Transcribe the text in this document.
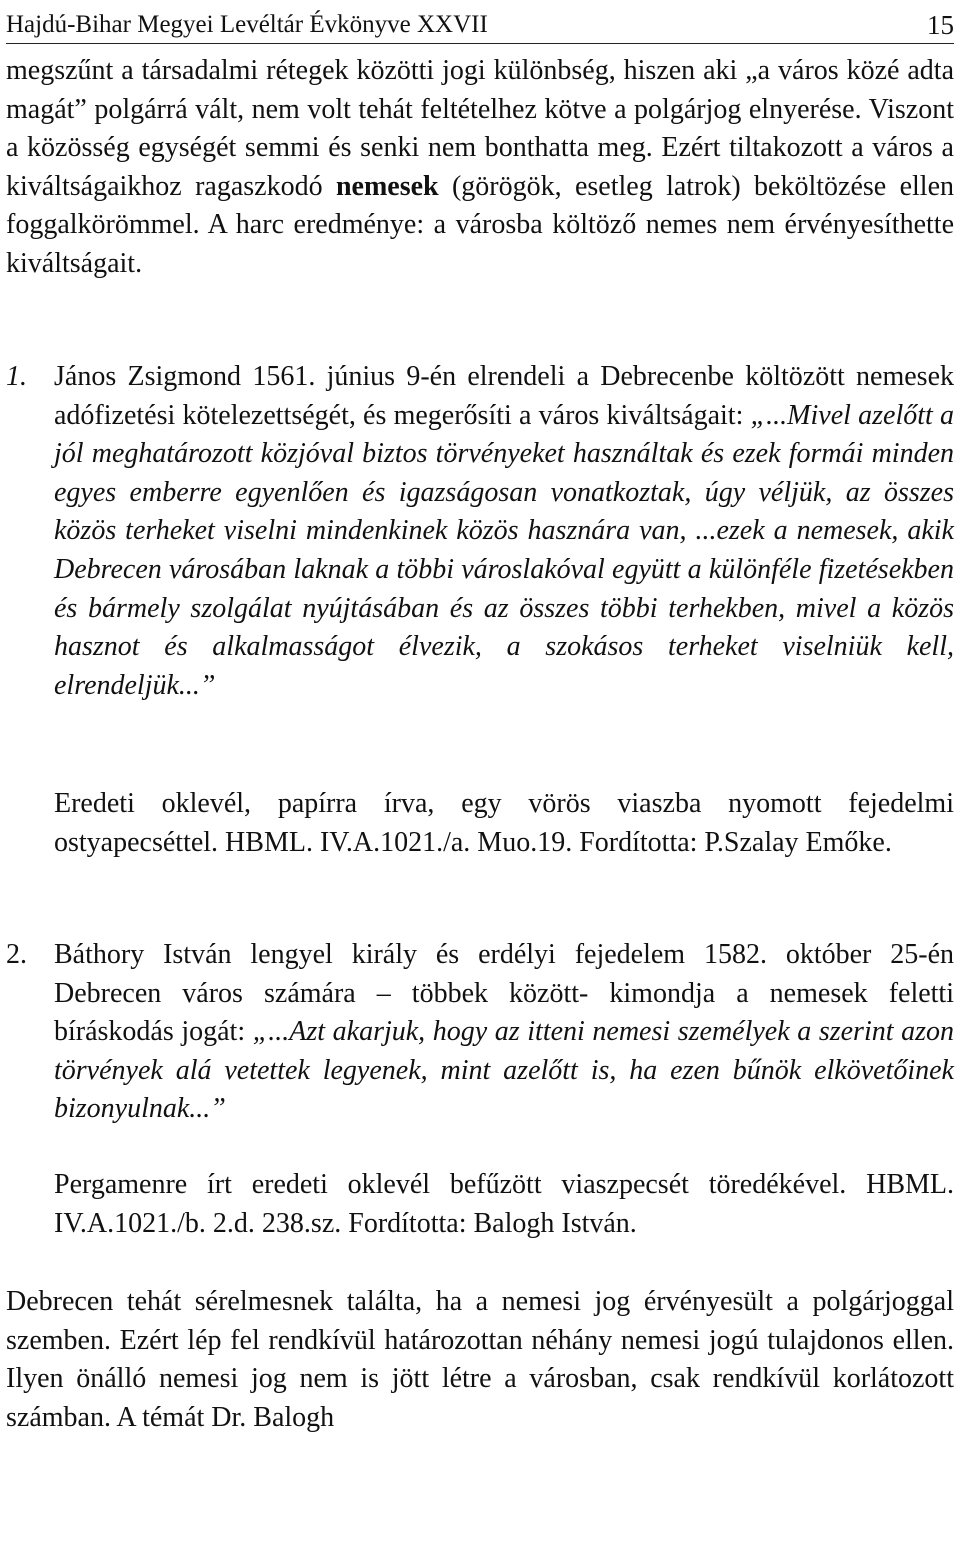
Hajdú-Bihar Megyei Levéltár Évkönyve XXVII	15

megszűnt a társadalmi rétegek közötti jogi különbség, hiszen aki „a város közé adta magát” polgárrá vált, nem volt tehát feltételhez kötve a polgárjog elnyerése. Viszont a közösség egységét semmi és senki nem bonthatta meg. Ezért tiltakozott a város a kiváltságaikhoz ragaszkodó nemesek (görögök, esetleg latrok) beköltözése ellen foggalkörömmel. A harc eredménye: a városba költöző nemes nem érvényesíthette kiváltságait.

1. János Zsigmond 1561. június 9-én elrendeli a Debrecenbe költözött nemesek adófizetési kötelezettségét, és megerősíti a város kiváltságait: „...Mivel azelőtt a jól meghatározott közjóval biztos törvényeket használtak és ezek formái minden egyes emberre egyenlően és igazságosan vonatkoztak, úgy véljük, az összes közös terheket viselni mindenkinek közös hasznára van, ...ezek a nemesek, akik Debrecen városában laknak a többi városlakóval együtt a különféle fizetésekben és bármely szolgálat nyújtásában és az összes többi terhekben, mivel a közös hasznot és alkalmasságot élvezik, a szokásos terheket viselniük kell, elrendeljük...”

Eredeti oklevél, papírra írva, egy vörös viaszba nyomott fejedelmi ostyapecséttel. HBML. IV.A.1021./a. Muo.19. Fordította: P.Szalay Emőke.

2. Báthory István lengyel király és erdélyi fejedelem 1582. október 25-én Debrecen város számára – többek között- kimondja a nemesek feletti bíráskodás jogát: „...Azt akarjuk, hogy az itteni nemesi személyek a szerint azon törvények alá vetettek legyenek, mint azelőtt is, ha ezen bűnök elkövetőinek bizonyulnak...”

Pergamenre írt eredeti oklevél befűzött viaszpecsét töredékével. HBML. IV.A.1021./b. 2.d. 238.sz. Fordította: Balogh István.

Debrecen tehát sérelmesnek találta, ha a nemesi jog érvényesült a polgárjoggal szemben. Ezért lép fel rendkívül határozottan néhány nemesi jogú tulajdonos ellen. Ilyen önálló nemesi jog nem is jött létre a városban, csak rendkívül korlátozott számban. A témát Dr. Balogh
